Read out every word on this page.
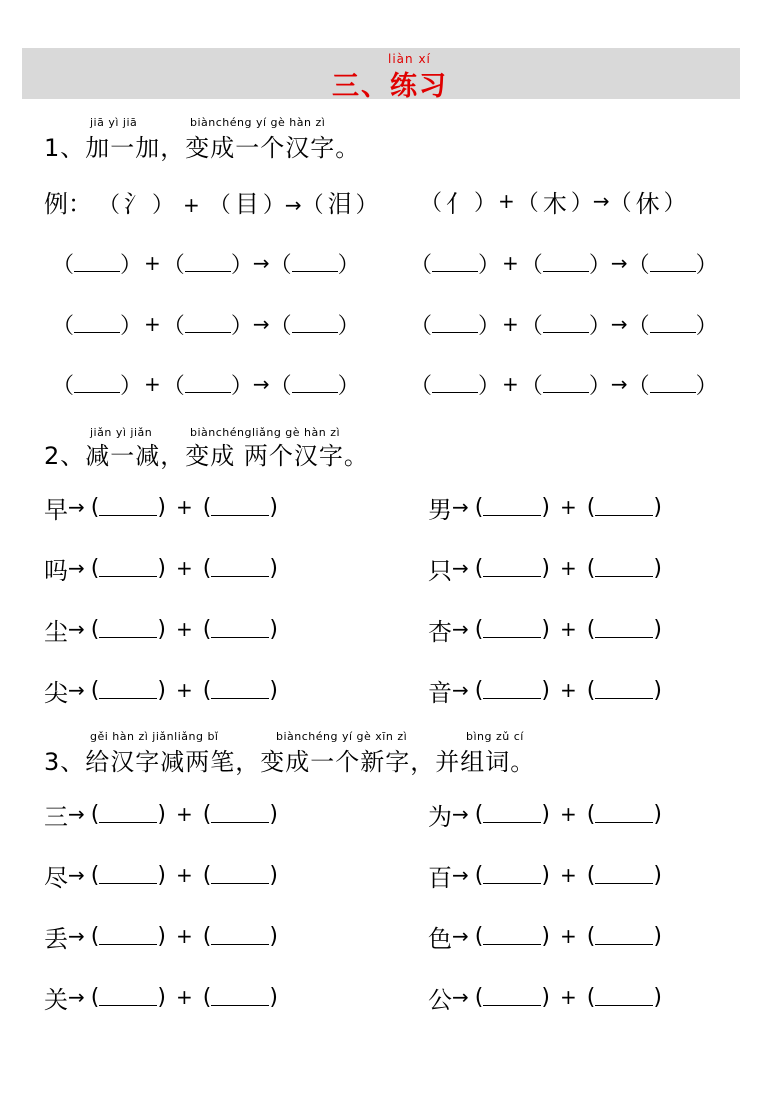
liàn xí
三、练习
jiā yì jiā	biànchéng yí gè hàn zì
1、加一加，变成一个汉字。
例： （ 氵 ） + （ 目 ）→（ 泪 ） （ 亻 ） + （ 木 ） → （ 休 ）
（ ） + （ ） → （ ） （ ） + （ ） → （ ）
（ ） + （ ） → （ ） （ ） + （ ） → （ ）
（ ） + （ ） → （ ） （ ） + （ ） → （ ）
jiǎn yì jiǎn	biànchéngliǎng gè hàn zì
2、减一减，变成 两个汉字。
早 → (	) + (	)	男 → (	) + (	)
吗 → (	) + (	)	只 → (	) + (	)
尘 → (	) + (	)	杏 → (	) + (	)
尖 → (	) + (	)	音 → (	) + (	)
gěi hàn zì jiǎnliǎng bǐ	biànchéng yí gè xīn zì	bìng zǔ cí
3、给汉字减两笔，变成一个新字，并组词。
三 → (	) + (	)	为 → (	) + (	)
尽 → (	) + (	)	百 → (	) + (	)
丢 → (	) + (	)	色 → (	) + (	)
关 → (	) + (	)	公 → (	) + (	)
